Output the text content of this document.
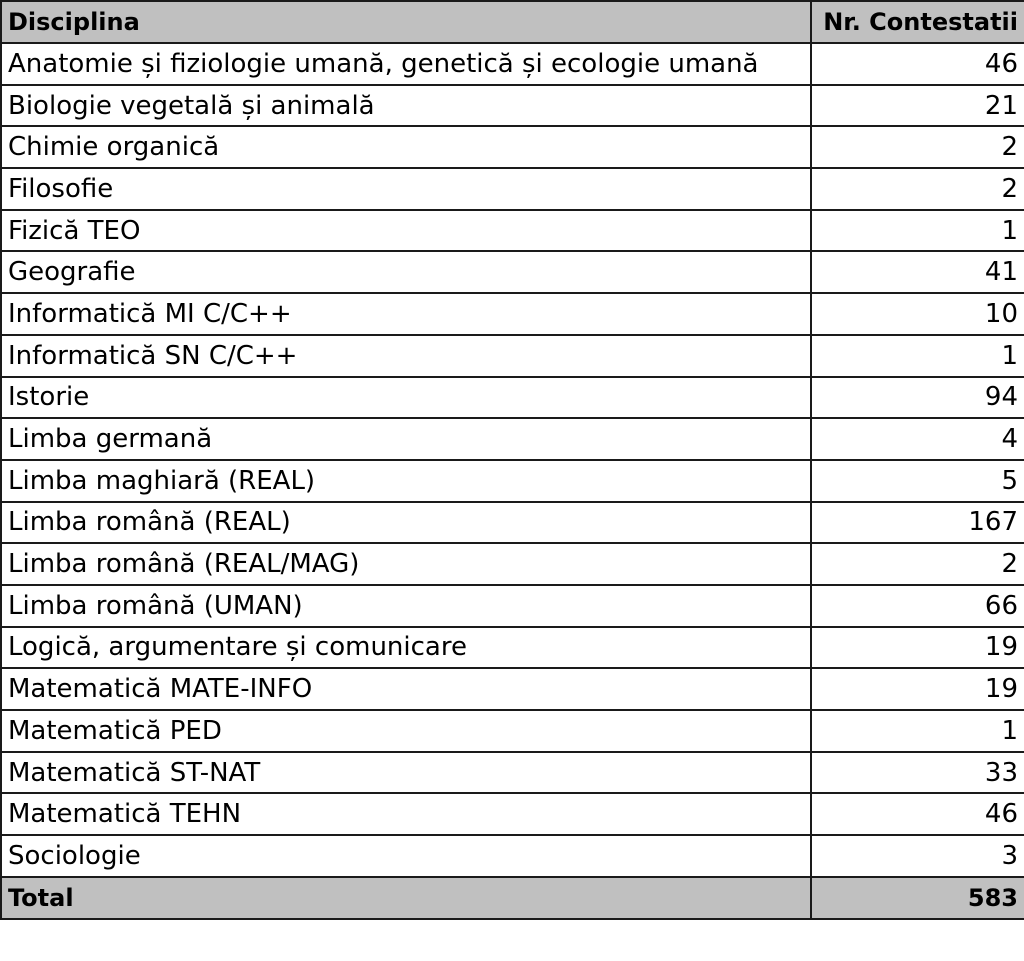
Disciplina	Nr. Contestatii
Anatomie și fiziologie umană, genetică și ecologie umană	46
Biologie vegetală și animală	21
Chimie organică	2
Filosofie	2
Fizică TEO	1
Geografie	41
Informatică MI C/C++	10
Informatică SN C/C++	1
Istorie	94
Limba germană	4
Limba maghiară (REAL)	5
Limba română (REAL)	167
Limba română (REAL/MAG)	2
Limba română (UMAN)	66
Logică, argumentare și comunicare	19
Matematică MATE-INFO	19
Matematică PED	1
Matematică ST-NAT	33
Matematică TEHN	46
Sociologie	3
Total	583
